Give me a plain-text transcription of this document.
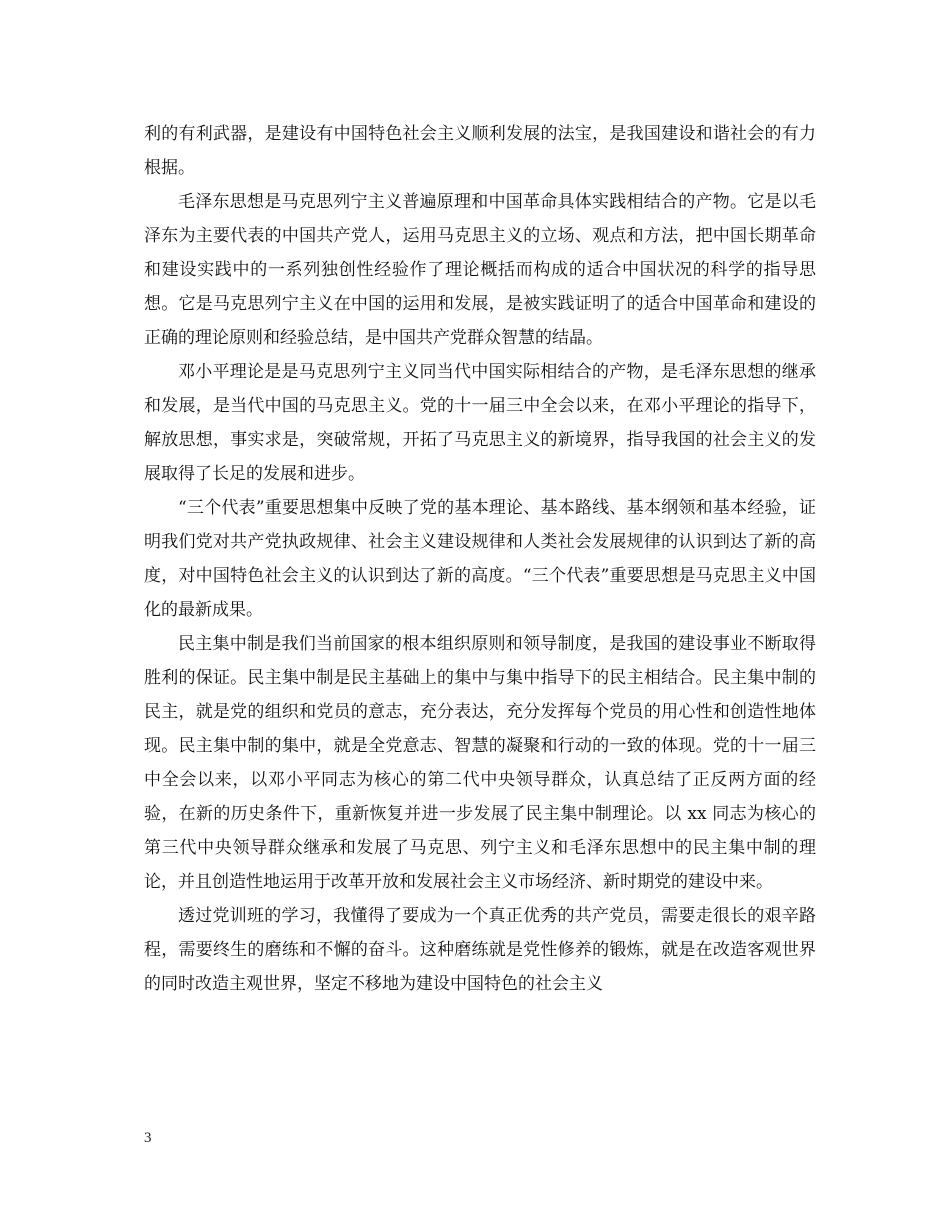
利的有利武器，是建设有中国特色社会主义顺利发展的法宝，是我国建设和谐社会的有力根据。

毛泽东思想是马克思列宁主义普遍原理和中国革命具体实践相结合的产物。它是以毛泽东为主要代表的中国共产党人，运用马克思主义的立场、观点和方法，把中国长期革命和建设实践中的一系列独创性经验作了理论概括而构成的适合中国状况的科学的指导思想。它是马克思列宁主义在中国的运用和发展，是被实践证明了的适合中国革命和建设的正确的理论原则和经验总结，是中国共产党群众智慧的结晶。

邓小平理论是是马克思列宁主义同当代中国实际相结合的产物，是毛泽东思想的继承和发展，是当代中国的马克思主义。党的十一届三中全会以来，在邓小平理论的指导下，解放思想，事实求是，突破常规，开拓了马克思主义的新境界，指导我国的社会主义的发展取得了长足的发展和进步。

“三个代表”重要思想集中反映了党的基本理论、基本路线、基本纲领和基本经验，证明我们党对共产党执政规律、社会主义建设规律和人类社会发展规律的认识到达了新的高度，对中国特色社会主义的认识到达了新的高度。“三个代表”重要思想是马克思主义中国化的最新成果。

民主集中制是我们当前国家的根本组织原则和领导制度，是我国的建设事业不断取得胜利的保证。民主集中制是民主基础上的集中与集中指导下的民主相结合。民主集中制的民主，就是党的组织和党员的意志，充分表达，充分发挥每个党员的用心性和创造性地体现。民主集中制的集中，就是全党意志、智慧的凝聚和行动的一致的体现。党的十一届三中全会以来，以邓小平同志为核心的第二代中央领导群众，认真总结了正反两方面的经验，在新的历史条件下，重新恢复并进一步发展了民主集中制理论。以 xx 同志为核心的第三代中央领导群众继承和发展了马克思、列宁主义和毛泽东思想中的民主集中制的理论，并且创造性地运用于改革开放和发展社会主义市场经济、新时期党的建设中来。

透过党训班的学习，我懂得了要成为一个真正优秀的共产党员，需要走很长的艰辛路程，需要终生的磨练和不懈的奋斗。这种磨练就是党性修养的锻炼，就是在改造客观世界的同时改造主观世界，坚定不移地为建设中国特色的社会主义

3
